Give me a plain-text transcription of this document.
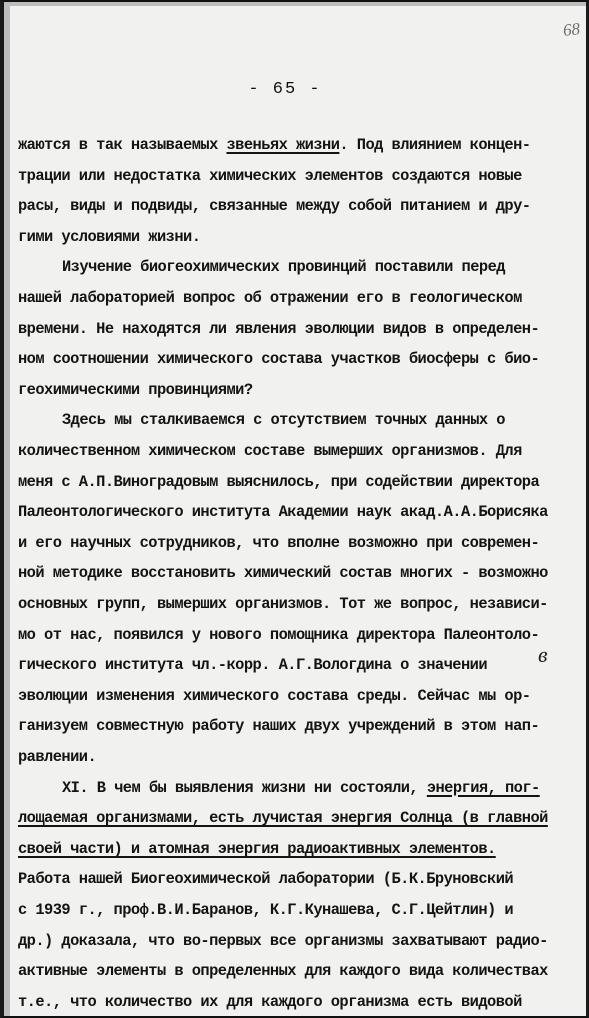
68
- 65 -
жаются в так называемых звеньях жизни. Под влиянием концен-
трации или недостатка химических элементов создаются новые
расы, виды и подвиды, связанные между собой питанием и дру-
гими условиями жизни.
Изучение биогеохимических провинций поставили перед
нашей лабораторией вопрос об отражении его в геологическом
времени. Не находятся ли явления эволюции видов в определен-
ном соотношении химического состава участков биосферы с био-
геохимическими провинциями?
Здесь мы сталкиваемся с отсутствием точных данных о
количественном химическом составе вымерших организмов. Для
меня с А.П.Виноградовым выяснилось, при содействии директора
Палеонтологического института Академии наук акад.А.А.Борисяка
и его научных сотрудников, что вполне возможно при современ-
ной методике восстановить химический состав многих - возможно
основных групп, вымерших организмов. Тот же вопрос, независи-
мо от нас, появился у нового помощника директора Палеонтоло-
гического института чл.-корр. А.Г.Вологдина о значении
эволюции изменения химического состава среды. Сейчас мы ор-
ганизуем совместную работу наших двух учреждений в этом нап-
равлении.
XI. В чем бы выявления жизни ни состояли, энергия, пог-
лощаемая организмами, есть лучистая энергия Солнца (в главной
своей части) и атомная энергия радиоактивных элементов.
Работа нашей Биогеохимической лаборатории (Б.К.Бруновский
с 1939 г., проф.В.И.Баранов, К.Г.Кунашева, С.Г.Цейтлин) и
др.) доказала, что во-первых все организмы захватывают радио-
активные элементы в определенных для каждого вида количествах
т.е., что количество их для каждого организма есть видовой
в
